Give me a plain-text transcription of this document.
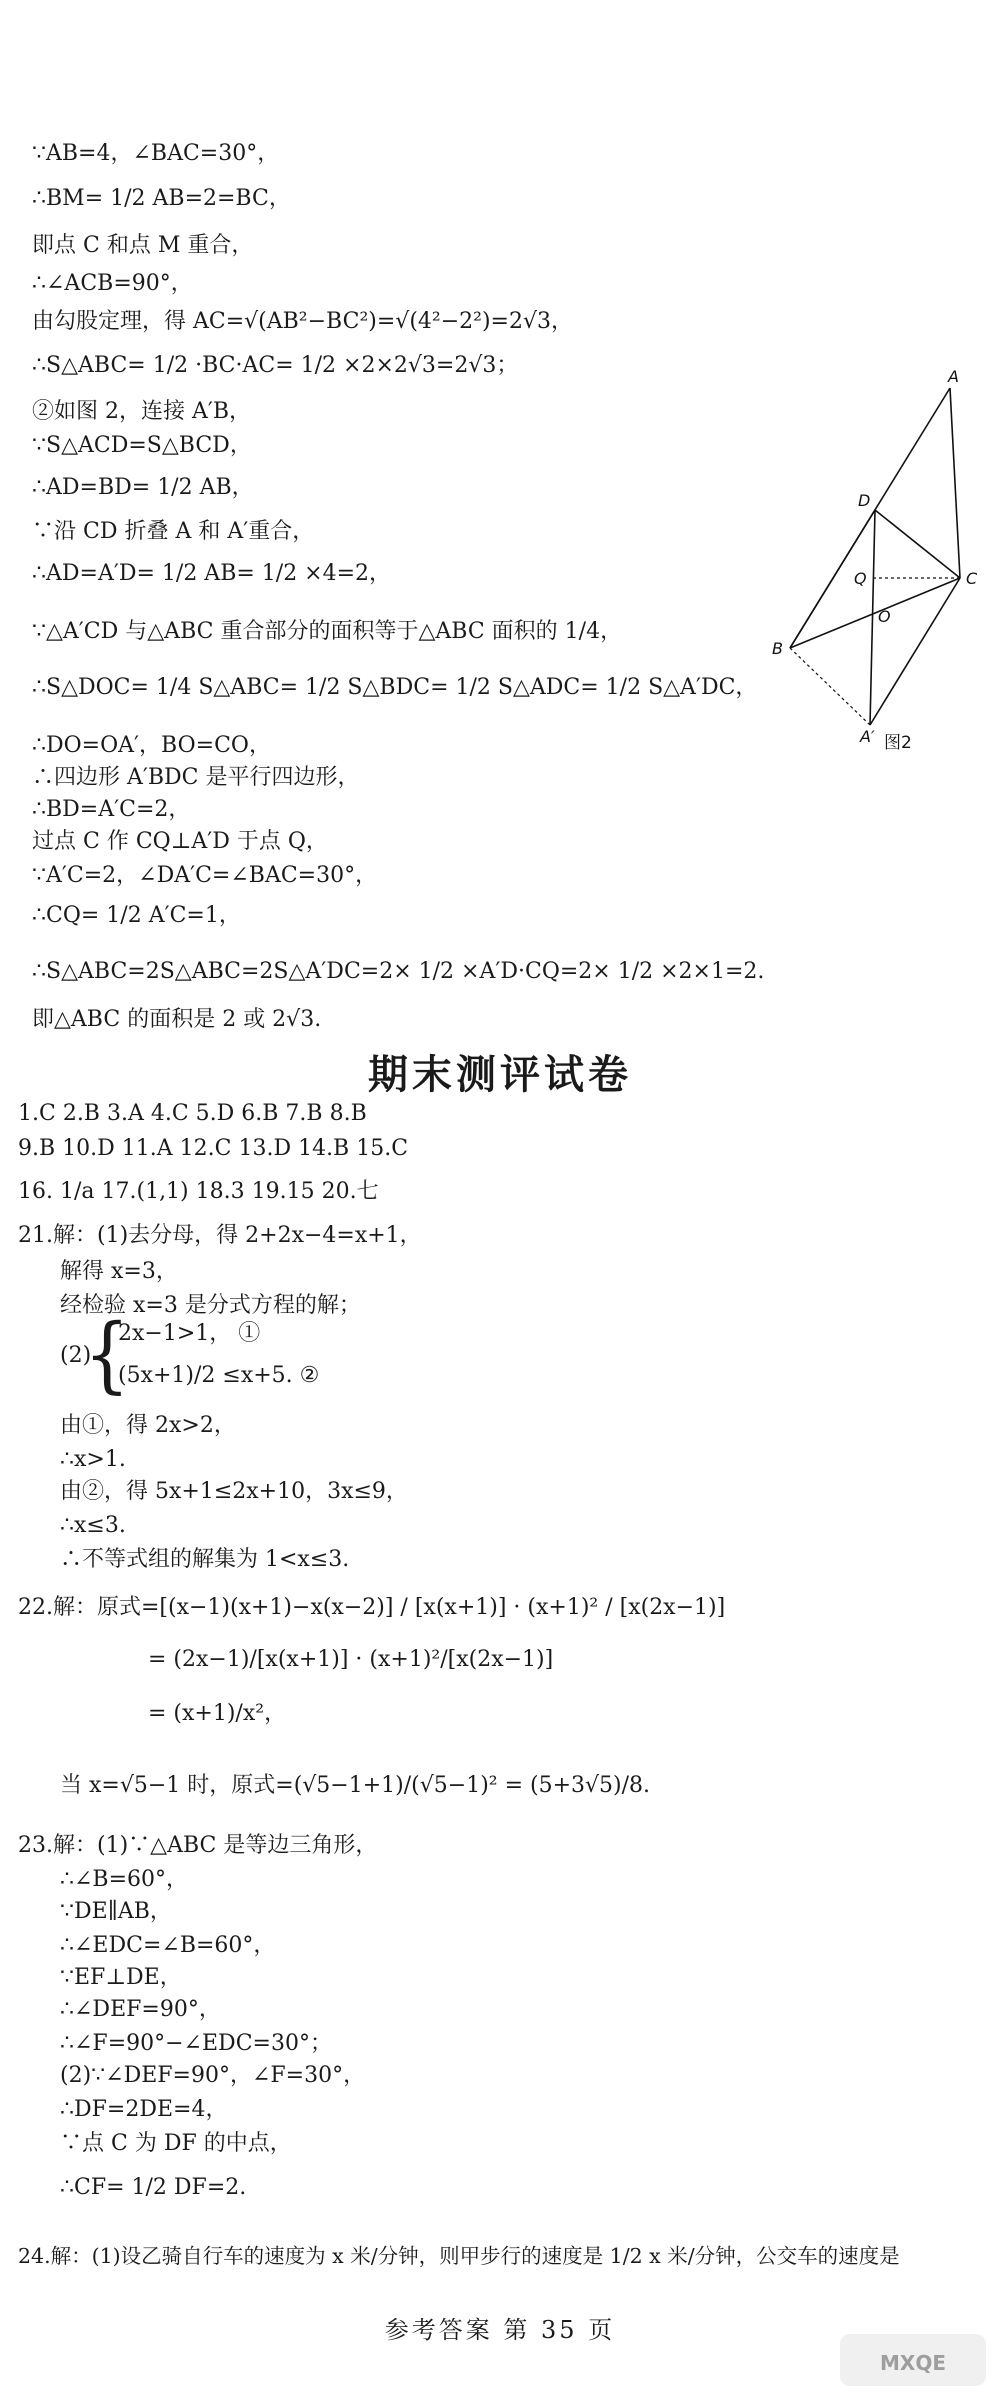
∵AB=4，∠BAC=30°，
∴BM= 1/2 AB=2=BC，
即点 C 和点 M 重合，
∴∠ACB=90°，
由勾股定理，得 AC=√(AB²−BC²)=√(4²−2²)=2√3，
∴S△ABC= 1/2 ·BC·AC= 1/2 ×2×2√3=2√3；
②如图 2，连接 A′B，
∵S△ACD=S△BCD，
∴AD=BD= 1/2 AB，
∵沿 CD 折叠 A 和 A′重合，
∴AD=A′D= 1/2 AB= 1/2 ×4=2，
∵△A′CD 与△ABC 重合部分的面积等于△ABC 面积的 1/4，
∴S△DOC= 1/4 S△ABC= 1/2 S△BDC= 1/2 S△ADC= 1/2 S△A′DC，
∴DO=OA′，BO=CO，
∴四边形 A′BDC 是平行四边形，
∴BD=A′C=2，
过点 C 作 CQ⊥A′D 于点 Q，
∵A′C=2，∠DA′C=∠BAC=30°，
∴CQ= 1/2 A′C=1，
∴S△ABC=2S△ABC=2S△A′DC=2× 1/2 ×A′D·CQ=2× 1/2 ×2×1=2.
即△ABC 的面积是 2 或 2√3.
A
D
Q	C
O
B
A′ 图2
期末测评试卷
1.C 2.B 3.A 4.C 5.D 6.B 7.B 8.B
9.B 10.D 11.A 12.C 13.D 14.B 15.C
16. 1/a 17.(1,1) 18.3 19.15 20.七
21.解：(1)去分母，得 2+2x−4=x+1，
解得 x=3，
经检验 x=3 是分式方程的解；
(2)
{
2x−1>1， ①
(5x+1)/2 ≤x+5. ②
由①，得 2x>2，
∴x>1.
由②，得 5x+1≤2x+10，3x≤9，
∴x≤3.
∴不等式组的解集为 1<x≤3.
22.解：原式=[(x−1)(x+1)−x(x−2)] / [x(x+1)] · (x+1)² / [x(2x−1)]
= (2x−1)/[x(x+1)] · (x+1)²/[x(2x−1)]
= (x+1)/x²，
当 x=√5−1 时，原式=(√5−1+1)/(√5−1)² = (5+3√5)/8.
23.解：(1)∵△ABC 是等边三角形，
∴∠B=60°，
∵DE∥AB，
∴∠EDC=∠B=60°，
∵EF⊥DE，
∴∠DEF=90°，
∴∠F=90°−∠EDC=30°；
(2)∵∠DEF=90°，∠F=30°，
∴DF=2DE=4，
∵点 C 为 DF 的中点，
∴CF= 1/2 DF=2.
24.解：(1)设乙骑自行车的速度为 x 米/分钟，则甲步行的速度是 1/2 x 米/分钟，公交车的速度是
参考答案 第 35 页
MXQE
